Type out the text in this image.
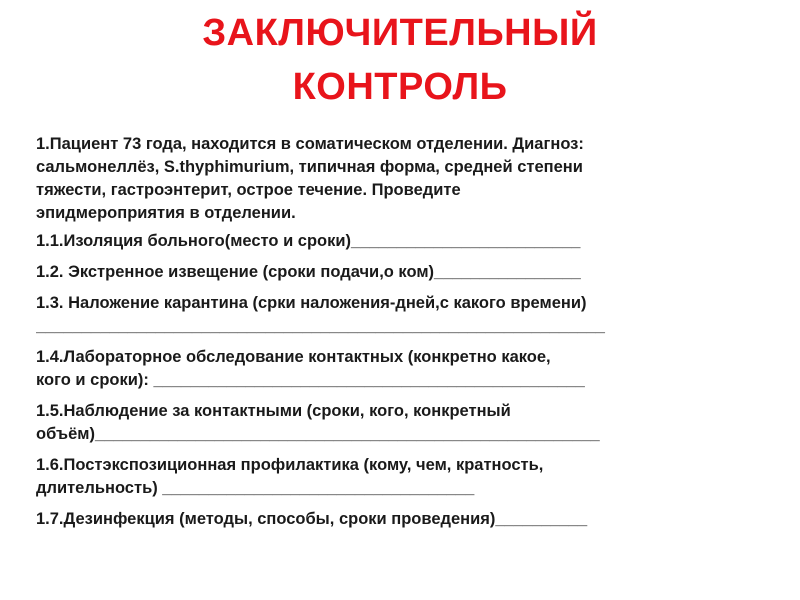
ЗАКЛЮЧИТЕЛЬНЫЙ
КОНТРОЛЬ

1.Пациент 73 года, находится в соматическом отделении. Диагноз:
сальмонеллёз, S.thyphimurium, типичная форма, средней степени
тяжести, гастроэнтерит, острое течение. Проведите
эпидмероприятия в отделении.

1.1.Изоляция больного(место и сроки)_________________________

1.2. Экстренное извещение (сроки подачи,о ком)________________

1.3. Наложение карантина (срки наложения-дней,с какого времени)
______________________________________________________________

1.4.Лабораторное обследование контактных (конкретно какое,
кого и сроки): _______________________________________________

1.5.Наблюдение за контактными (сроки, кого, конкретный
объём)_______________________________________________________

1.6.Постэкспозиционная профилактика (кому, чем, кратность,
длительность) __________________________________

1.7.Дезинфекция (методы, способы, сроки проведения)__________
